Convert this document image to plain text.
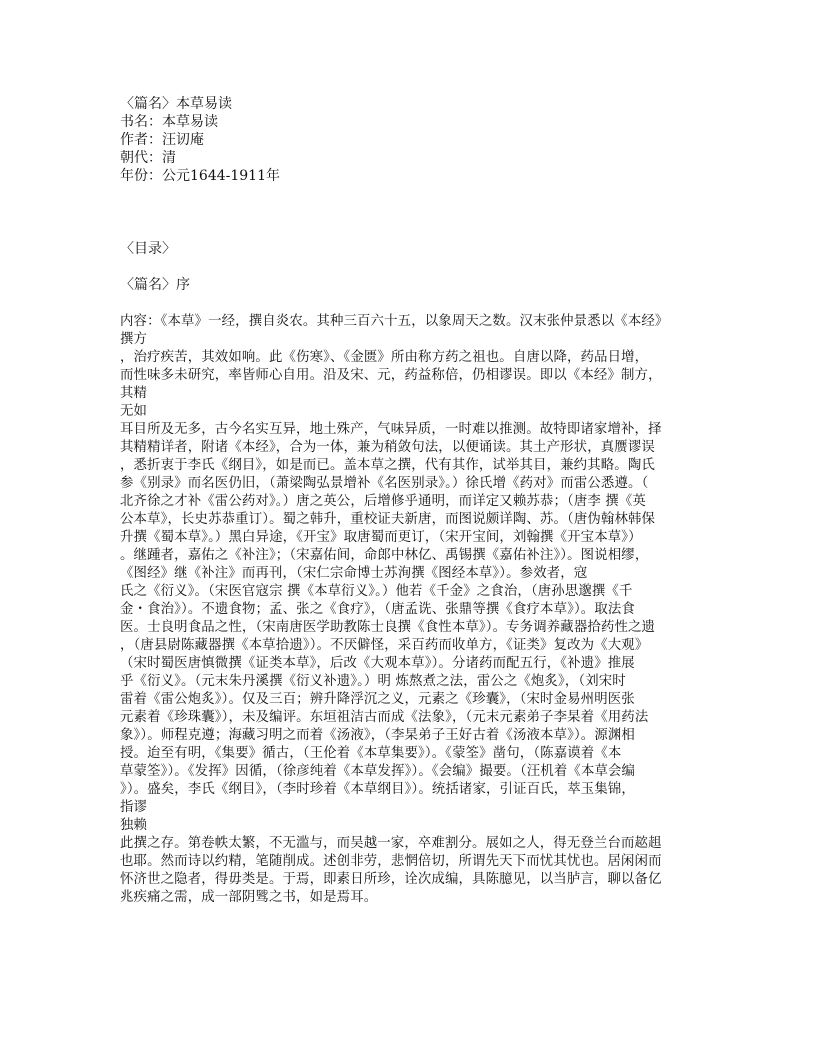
〈篇名〉本草易读
书名：本草易读
作者：汪讱庵
朝代：清
年份：公元1644-1911年
〈目录〉
〈篇名〉序
内容：《本草》一经，撰自炎农。其种三百六十五，以象周天之数。汉末张仲景悉以《本经》
撰方
，治疗疾苦，其效如响。此《伤寒》、《金匮》所由称方药之祖也。自唐以降，药品日增，
而性味多未研究，率皆师心自用。沿及宋、元，药益称倍，仍相谬误。即以《本经》制方，
其精
无如
耳目所及无多，古今名实互异，地土殊产，气味异质，一时难以推测。故特即诸家增补，择
其精精详者，附诸《本经》，合为一体，兼为稍敛句法，以便诵读。其土产形状，真赝谬误
，悉折衷于李氏《纲目》，如是而已。盖本草之撰，代有其作，试举其目，兼约其略。陶氏
参《别录》而名医仍旧，（萧梁陶弘景增补《名医别录》。）徐氏增《药对》而雷公悉遵。（
北齐徐之才补《雷公药对》。）唐之英公，后增修乎通明，而详定又赖苏恭；（唐李 撰《英
公本草》，长史苏恭重订）。蜀之韩升，重校证夫新唐，而图说颇详陶、苏。（唐伪翰林韩保
升撰《蜀本草》。）黑白异途，《开宝》取唐蜀而更订，（宋开宝间，刘翰撰《开宝本草》）
。继踵者，嘉佑之《补注》；（宋嘉佑间，命郎中林亿、禹锡撰《嘉佑补注》）。图说相缪，
《图经》继《补注》而再刊，（宋仁宗命博士苏洵撰《图经本草》）。参效者，寇
氏之《衍义》。（宋医官寇宗 撰《本草衍义》。）他若《千金》之食治，（唐孙思邈撰《千
金・食治》）。不遗食物；孟、张之《食疗》，（唐孟诜、张鼎等撰《食疗本草》）。取法食
医。士良明食品之性，（宋南唐医学助教陈士良撰《食性本草》）。专务调养藏器拾药性之遗
，（唐县尉陈藏器撰《本草拾遗》）。不厌僻怪，采百药而收单方，《证类》复改为《大观》
（宋时蜀医唐慎微撰《证类本草》，后改《大观本草》）。分诸药而配五行，《补遗》推展
乎《衍义》。（元末朱丹溪撰《衍义补遗》。）明 炼熬煮之法，雷公之《炮炙》，（刘宋时
雷着《雷公炮炙》）。仅及三百；辨升降浮沉之义，元素之《珍囊》，（宋时金易州明医张
元素着《珍珠囊》），未及编评。东垣祖洁古而成《法象》，（元末元素弟子李杲着《用药法
象》）。师程克遵；海藏习明之而着《汤液》，（李杲弟子王好古着《汤液本草》）。源渊相
授。迨至有明，《集要》循古，（王伦着《本草集要》）。《蒙筌》凿句，（陈嘉谟着《本
草蒙筌》）。《发挥》因循，（徐彦纯着《本草发挥》）。《会编》撮要。（汪机着《本草会编
》）。盛矣，李氏《纲目》，（李时珍着《本草纲目》）。统括诸家，引证百氏，萃玉集锦，
指谬
独赖
此撰之存。第卷帙太繁，不无滥与，而吴越一家，卒难割分。展如之人，得无登兰台而趑趄
也耶。然而诗以约精，笔随削成。述创非劳，悲惘倍切，所谓先天下而忧其忧也。居闲闲而
怀济世之隐者，得毋类是。于焉，即素日所珍，诠次成编，具陈臆见，以当胪言，聊以备亿
兆疾痛之需，成一部阴骘之书，如是焉耳。
